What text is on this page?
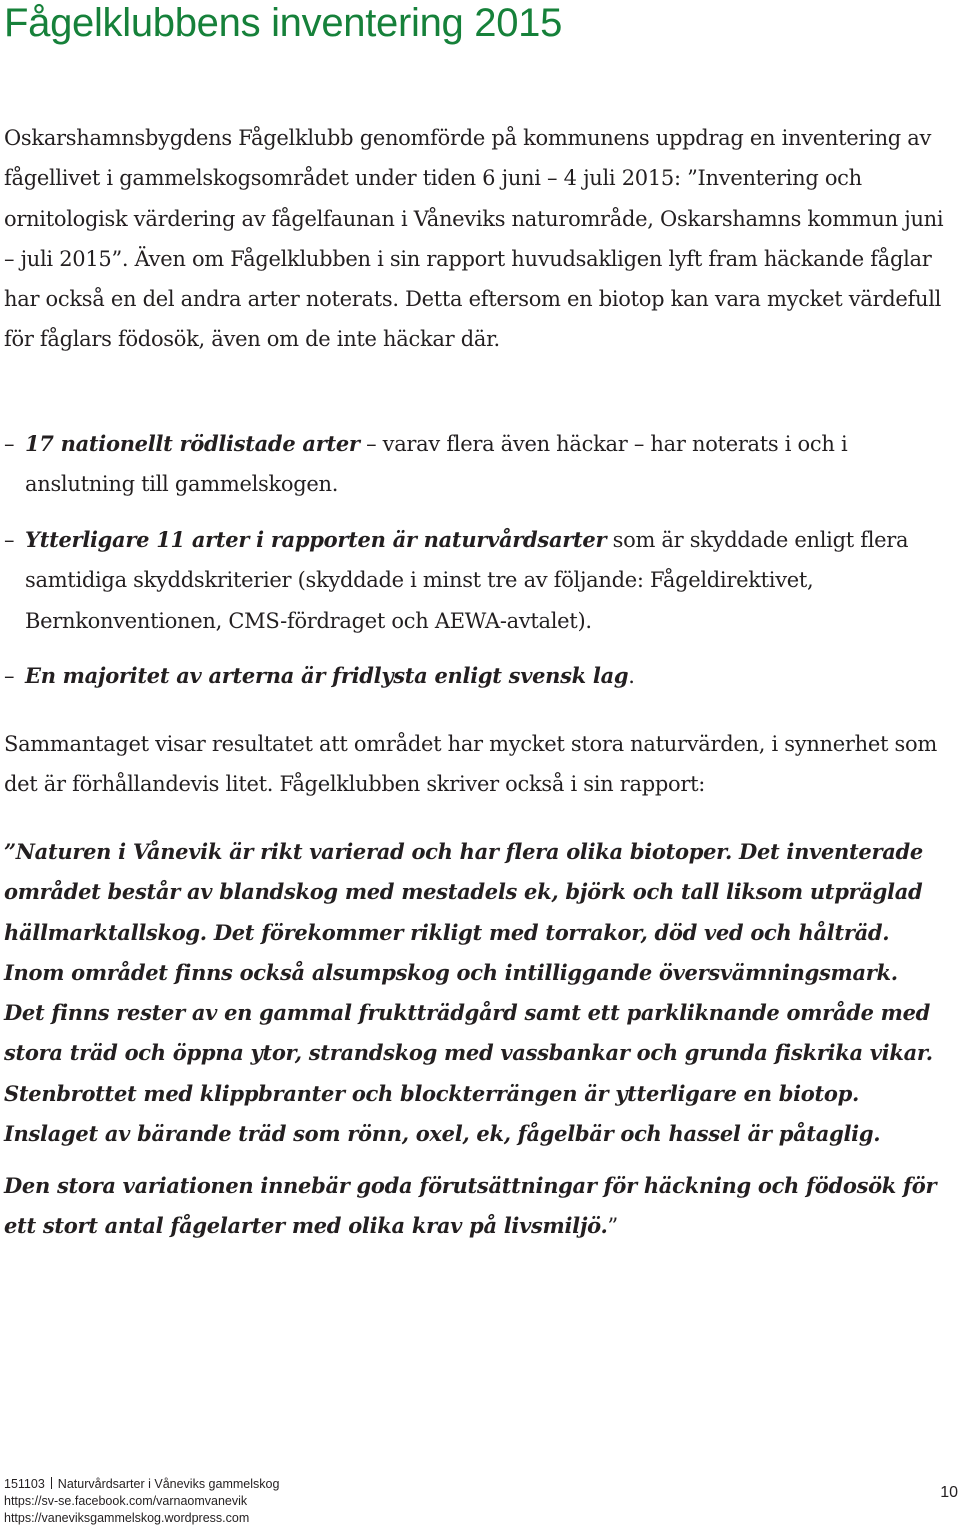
Fågelklubbens inventering 2015

Oskarshamnsbygdens Fågelklubb genomförde på kommunens uppdrag en inventering av fågellivet i gammelskogsområdet under tiden 6 juni – 4 juli 2015: ”Inventering och ornitologisk värdering av fågelfaunan i Våneviks naturområde, Oskarshamns kommun juni – juli 2015”. Även om Fågelklubben i sin rapport huvudsakligen lyft fram häckande fåglar har också en del andra arter noterats. Detta eftersom en biotop kan vara mycket värdefull för fåglars födosök, även om de inte häckar där.

– 17 nationellt rödlistade arter – varav flera även häckar – har noterats i och i anslutning till gammelskogen.
– Ytterligare 11 arter i rapporten är naturvårdsarter som är skyddade enligt flera samtidiga skyddskriterier (skyddade i minst tre av följande: Fågeldirektivet, Bernkonventionen, CMS-fördraget och AEWA-avtalet).
– En majoritet av arterna är fridlysta enligt svensk lag.

Sammantaget visar resultatet att området har mycket stora naturvärden, i synnerhet som det är förhållandevis litet. Fågelklubben skriver också i sin rapport:

”Naturen i Vånevik är rikt varierad och har flera olika biotoper. Det inventerade området består av blandskog med mestadels ek, björk och tall liksom utpräglad hällmarktallskog. Det förekommer rikligt med torrakor, död ved och hålträd. Inom området finns också alsumpskog och intilliggande översvämningsmark. Det finns rester av en gammal fruktträdgård samt ett parkliknande område med stora träd och öppna ytor, strandskog med vassbankar och grunda fiskrika vikar. Stenbrottet med klippbranter och blockterrängen är ytterligare en biotop. Inslaget av bärande träd som rönn, oxel, ek, fågelbär och hassel är påtaglig.

Den stora variationen innebär goda förutsättningar för häckning och födosök för ett stort antal fågelarter med olika krav på livsmiljö.”

151103 Naturvårdsarter i Våneviks gammelskog
https://sv-se.facebook.com/varnaomvanevik
https://vaneviksgammelskog.wordpress.com
10
